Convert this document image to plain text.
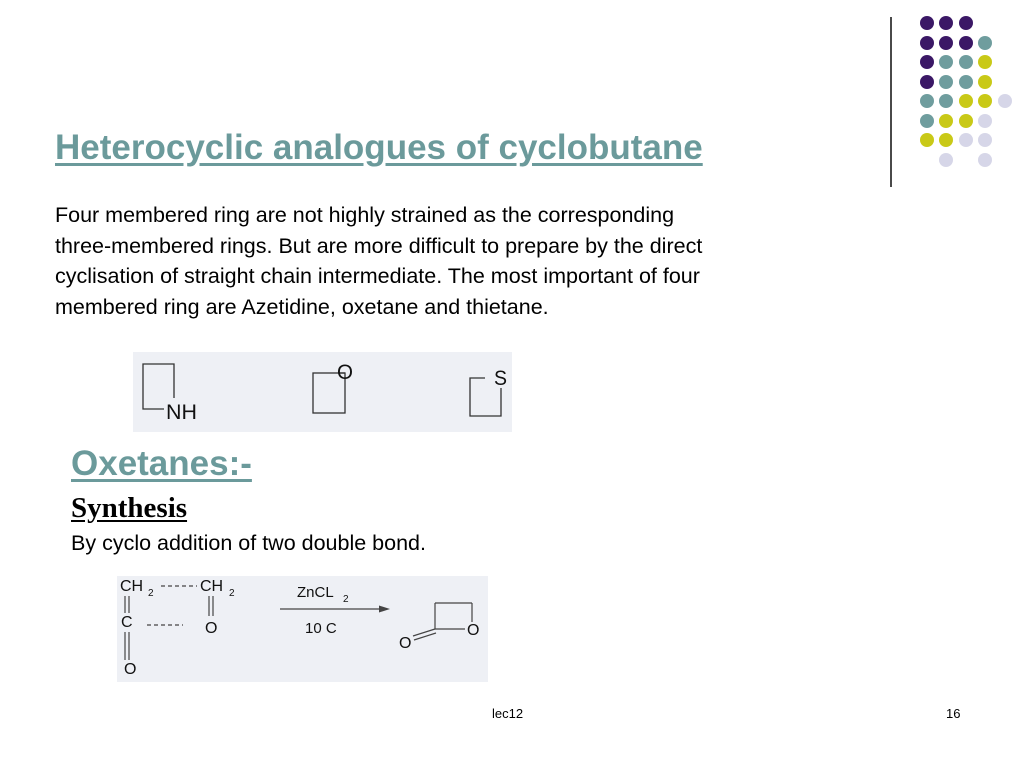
Heterocyclic analogues of cyclobutane
Four membered ring are not highly strained as the corresponding
three-membered rings. But are more difficult to prepare by the direct
cyclisation of straight chain intermediate. The most important of four
membered ring are Azetidine, oxetane and thietane.
NH
O	S
Oxetanes:-
Synthesis
By cyclo addition of two double bond.
CH 2	CH 2
C	O
O
ZnCL 2
10 C	O
O
lec12	16
